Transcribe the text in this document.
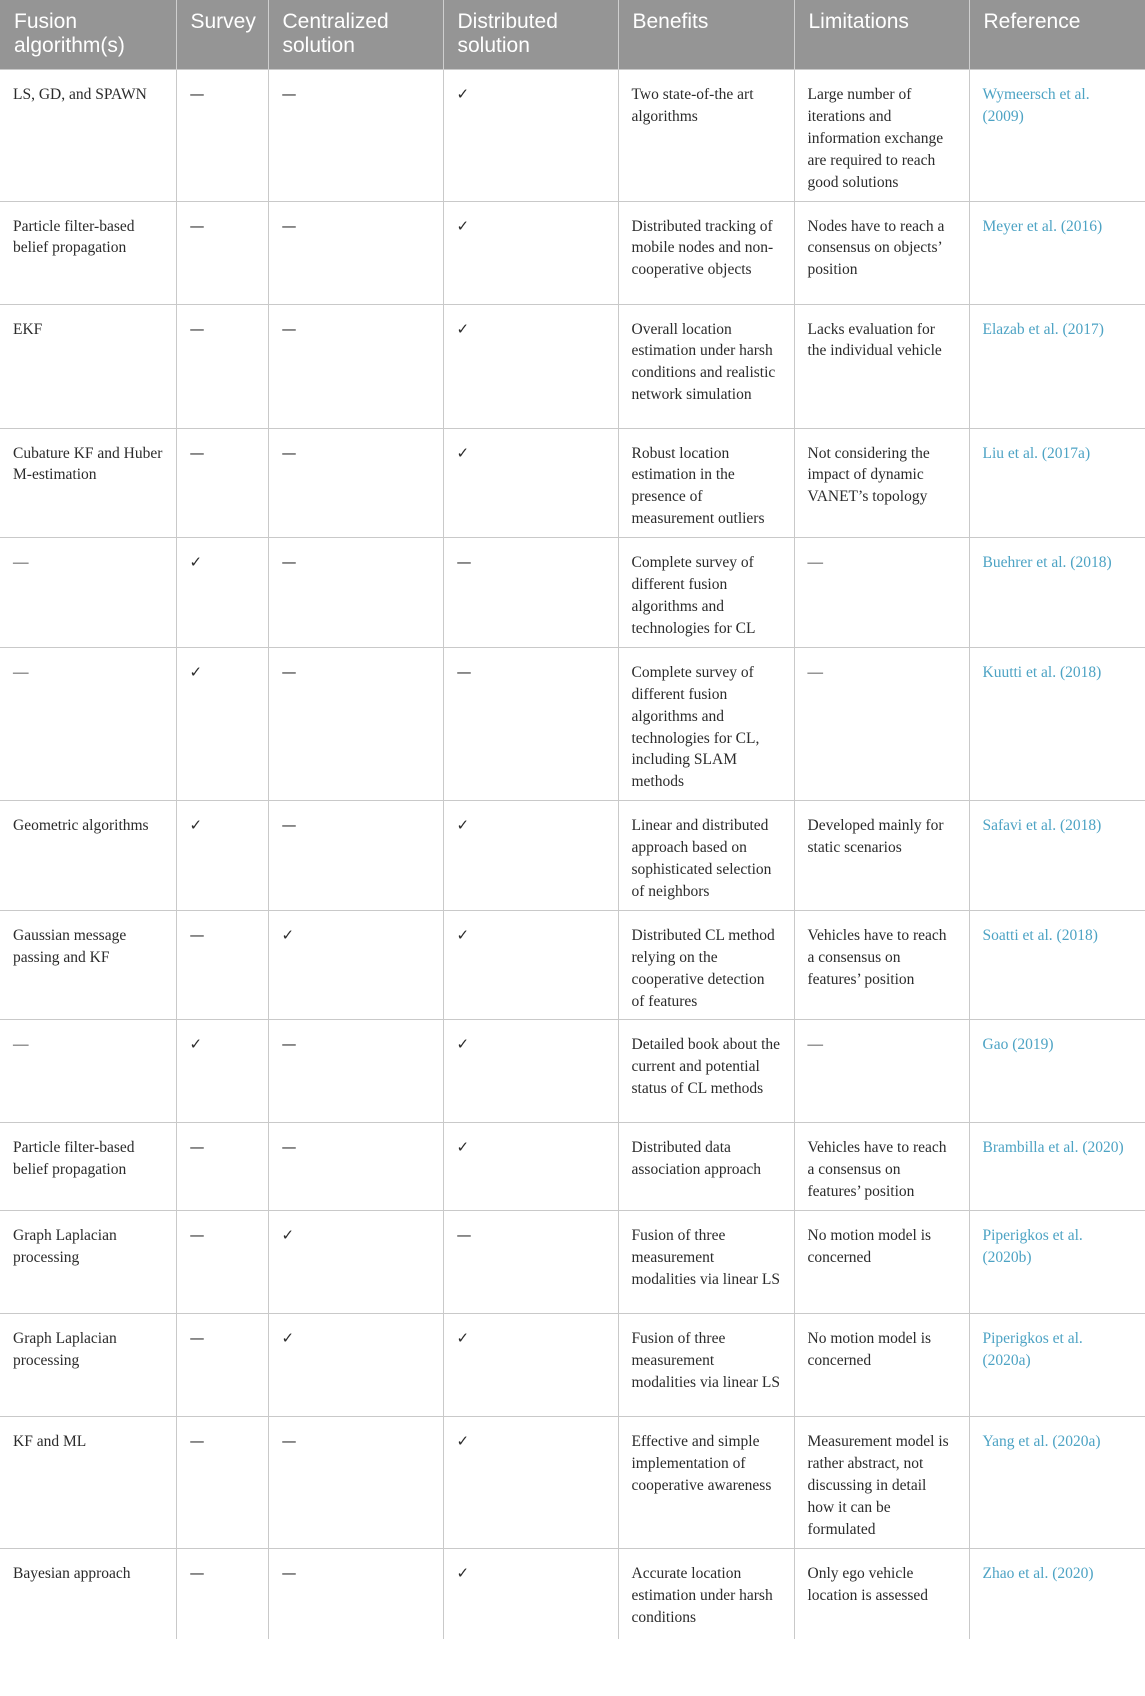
Fusion algorithm(s)	Survey	Centralized solution	Distributed solution	Benefits	Limitations	Reference
LS, GD, and SPAWN	—	—	✓	Two state-of-the art algorithms	Large number of iterations and information exchange are required to reach good solutions	Wymeersch et al. (2009)
Particle filter-based belief propagation	—	—	✓	Distributed tracking of mobile nodes and non-cooperative objects	Nodes have to reach a consensus on objects’ position	Meyer et al. (2016)
EKF	—	—	✓	Overall location estimation under harsh conditions and realistic network simulation	Lacks evaluation for the individual vehicle	Elazab et al. (2017)
Cubature KF and Huber M-estimation	—	—	✓	Robust location estimation in the presence of measurement outliers	Not considering the impact of dynamic VANET’s topology	Liu et al. (2017a)
—	✓	—	—	Complete survey of different fusion algorithms and technologies for CL	—	Buehrer et al. (2018)
—	✓	—	—	Complete survey of different fusion algorithms and technologies for CL, including SLAM methods	—	Kuutti et al. (2018)
Geometric algorithms	✓	—	✓	Linear and distributed approach based on sophisticated selection of neighbors	Developed mainly for static scenarios	Safavi et al. (2018)
Gaussian message passing and KF	—	✓	✓	Distributed CL method relying on the cooperative detection of features	Vehicles have to reach a consensus on features’ position	Soatti et al. (2018)
—	✓	—	✓	Detailed book about the current and potential status of CL methods	—	Gao (2019)
Particle filter-based belief propagation	—	—	✓	Distributed data association approach	Vehicles have to reach a consensus on features’ position	Brambilla et al. (2020)
Graph Laplacian processing	—	✓	—	Fusion of three measurement modalities via linear LS	No motion model is concerned	Piperigkos et al. (2020b)
Graph Laplacian processing	—	✓	✓	Fusion of three measurement modalities via linear LS	No motion model is concerned	Piperigkos et al. (2020a)
KF and ML	—	—	✓	Effective and simple implementation of cooperative awareness	Measurement model is rather abstract, not discussing in detail how it can be formulated	Yang et al. (2020a)
Bayesian approach	—	—	✓	Accurate location estimation under harsh conditions	Only ego vehicle location is assessed	Zhao et al. (2020)
